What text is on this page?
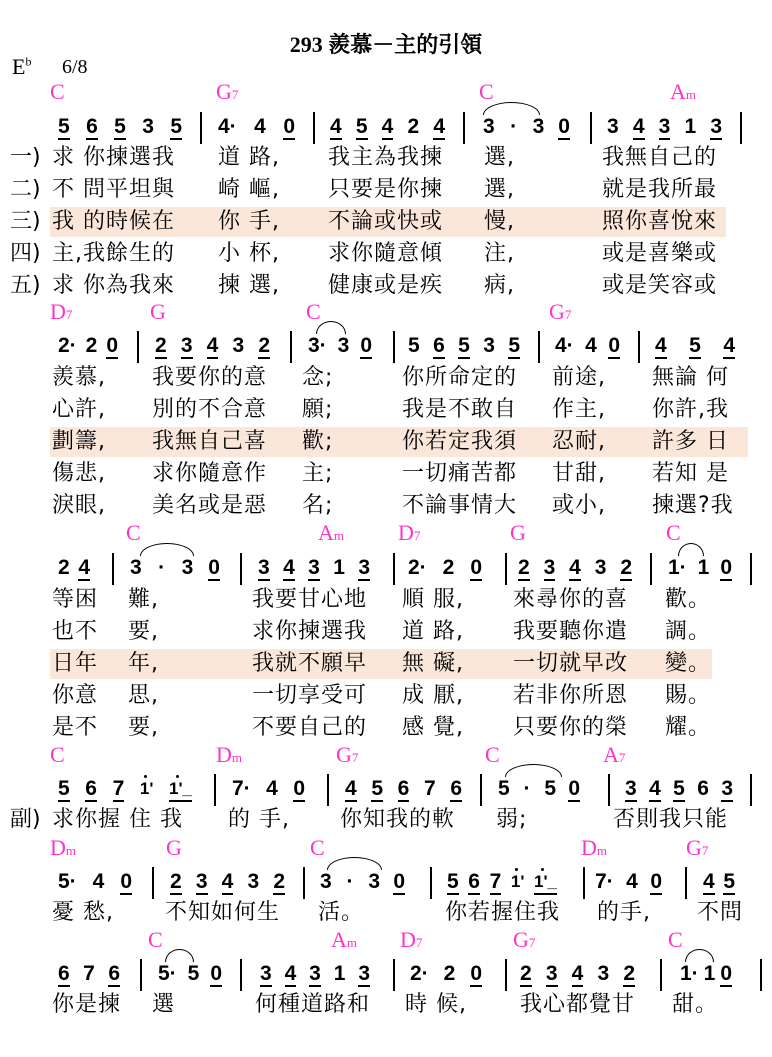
293 羨慕－主的引領
$E^b$ 6/8
C	G7	C	Am
5 6 5 3 5 4· 4 0 4 5 4 2 4 3 · 3 0 3 4 3 1 3
一) 求 你揀選我 道 路, 我主為我揀 選,	我無自己的
二) 不 問平坦與 崎 嶇, 只要是你揀 選,	就是我所最
三) 我 的時候在 你 手, 不論或快或 慢,	照你喜悅來
四) 主,我餘生的 小 杯, 求你隨意傾 注,	或是喜樂或
五) 求 你為我來 揀 選, 健康或是疾 病,	或是笑容或
D7	G	C	G7
2· 2 0 2 3 4 3 2 3· 3 0 5 6 5 3 5 4· 4 0 4 5 4
羨慕, 我要你的意 念;	你所命定的 前途, 無論 何
心許, 別的不合意 願;	我是不敢自 作主, 你許,我
劃籌, 我無自己喜 歡;	你若定我須 忍耐, 許多 日
傷悲, 求你隨意作 主;	一切痛苦都 甘甜, 若知 是
淚眼, 美名或是惡 名;	不論事情大 或小, 揀選?我
C	Am D7	G	C
2 4 3 · 3 0 3 4 3 1 3 2· 2 0 2 3 4 3 2 1· 1 0
等困 難,	我要甘心地 順 服, 來尋你的喜 歡。
也不 要,	求你揀選我 道 路, 我要聽你遣 調。
日年 年,	我就不願早 無 礙, 一切就早改 變。
你意 思,	一切享受可 成 厭, 若非你所恩 賜。
是不 要,	不要自己的 感 覺, 只要你的榮 耀。
C	Dm	G7	C	A7
5 6 7 1' 1'_ 7· 4 0 4 5 6 7 6 5 · 5 0 3 4 5 6 3
副) 求你握 住 我 的 手, 你知我的軟 弱;	否則我只能
Dm	G	C	Dm	G7
5· 4 0 2 3 4 3 2 3 · 3 0 5 6 7 1' 1'_ 7· 4 0 4 5
憂 愁, 不知如何生 活。	你若握住我 的手, 不問
C	Am D7	G7	C
6 7 6 5· 5 0 3 4 3 1 3 2· 2 0 2 3 4 3 2 1· 1 0
你是揀 選	何種道路和 時 候, 我心都覺甘 甜。
